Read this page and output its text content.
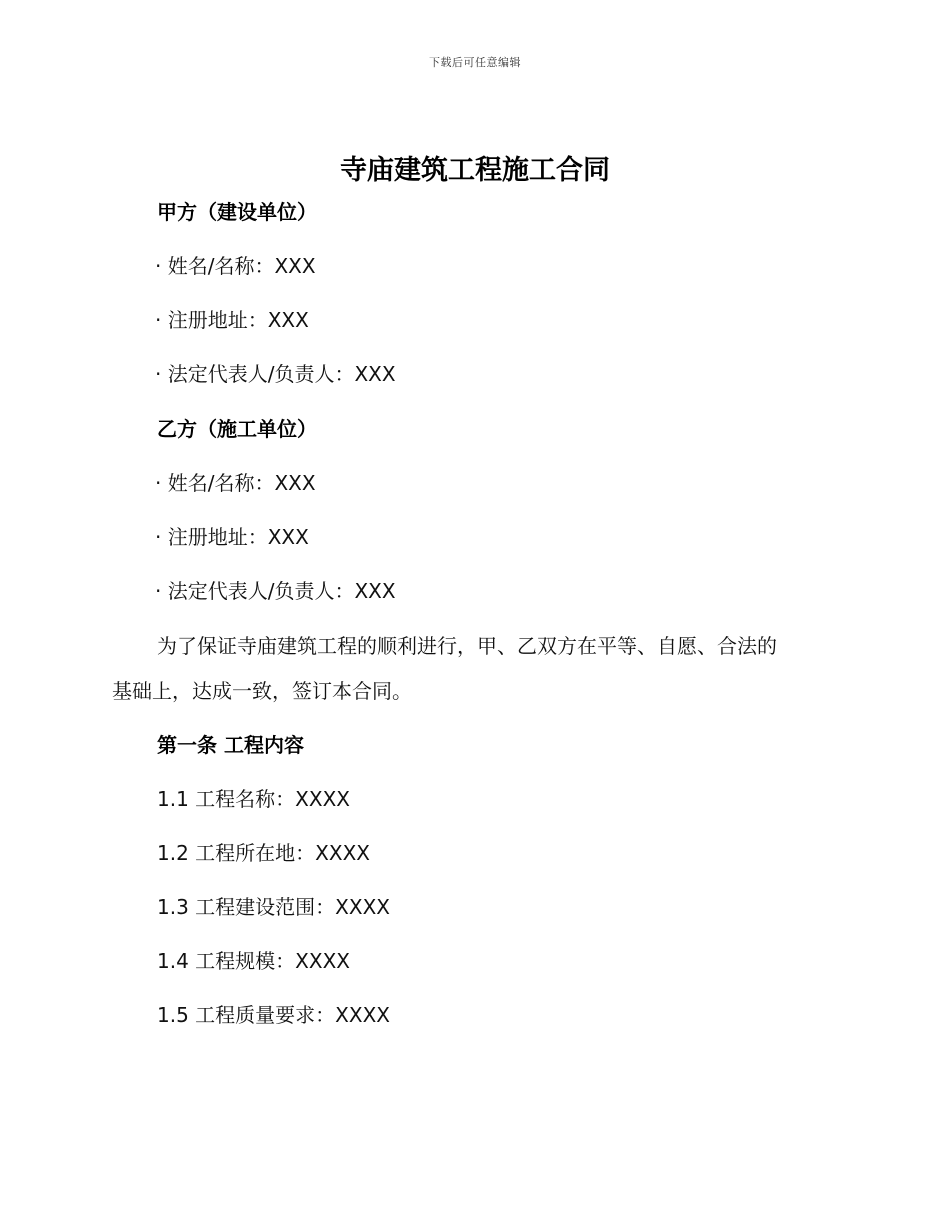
下载后可任意编辑
寺庙建筑工程施工合同

甲方（建设单位）

· 姓名/名称：XXX

· 注册地址：XXX

· 法定代表人/负责人：XXX

乙方（施工单位）

· 姓名/名称：XXX

· 注册地址：XXX

· 法定代表人/负责人：XXX

为了保证寺庙建筑工程的顺利进行，甲、乙双方在平等、自愿、合法的

基础上，达成一致，签订本合同。

第一条 工程内容

1.1 工程名称：XXXX

1.2 工程所在地：XXXX

1.3 工程建设范围：XXXX

1.4 工程规模：XXXX

1.5 工程质量要求：XXXX
